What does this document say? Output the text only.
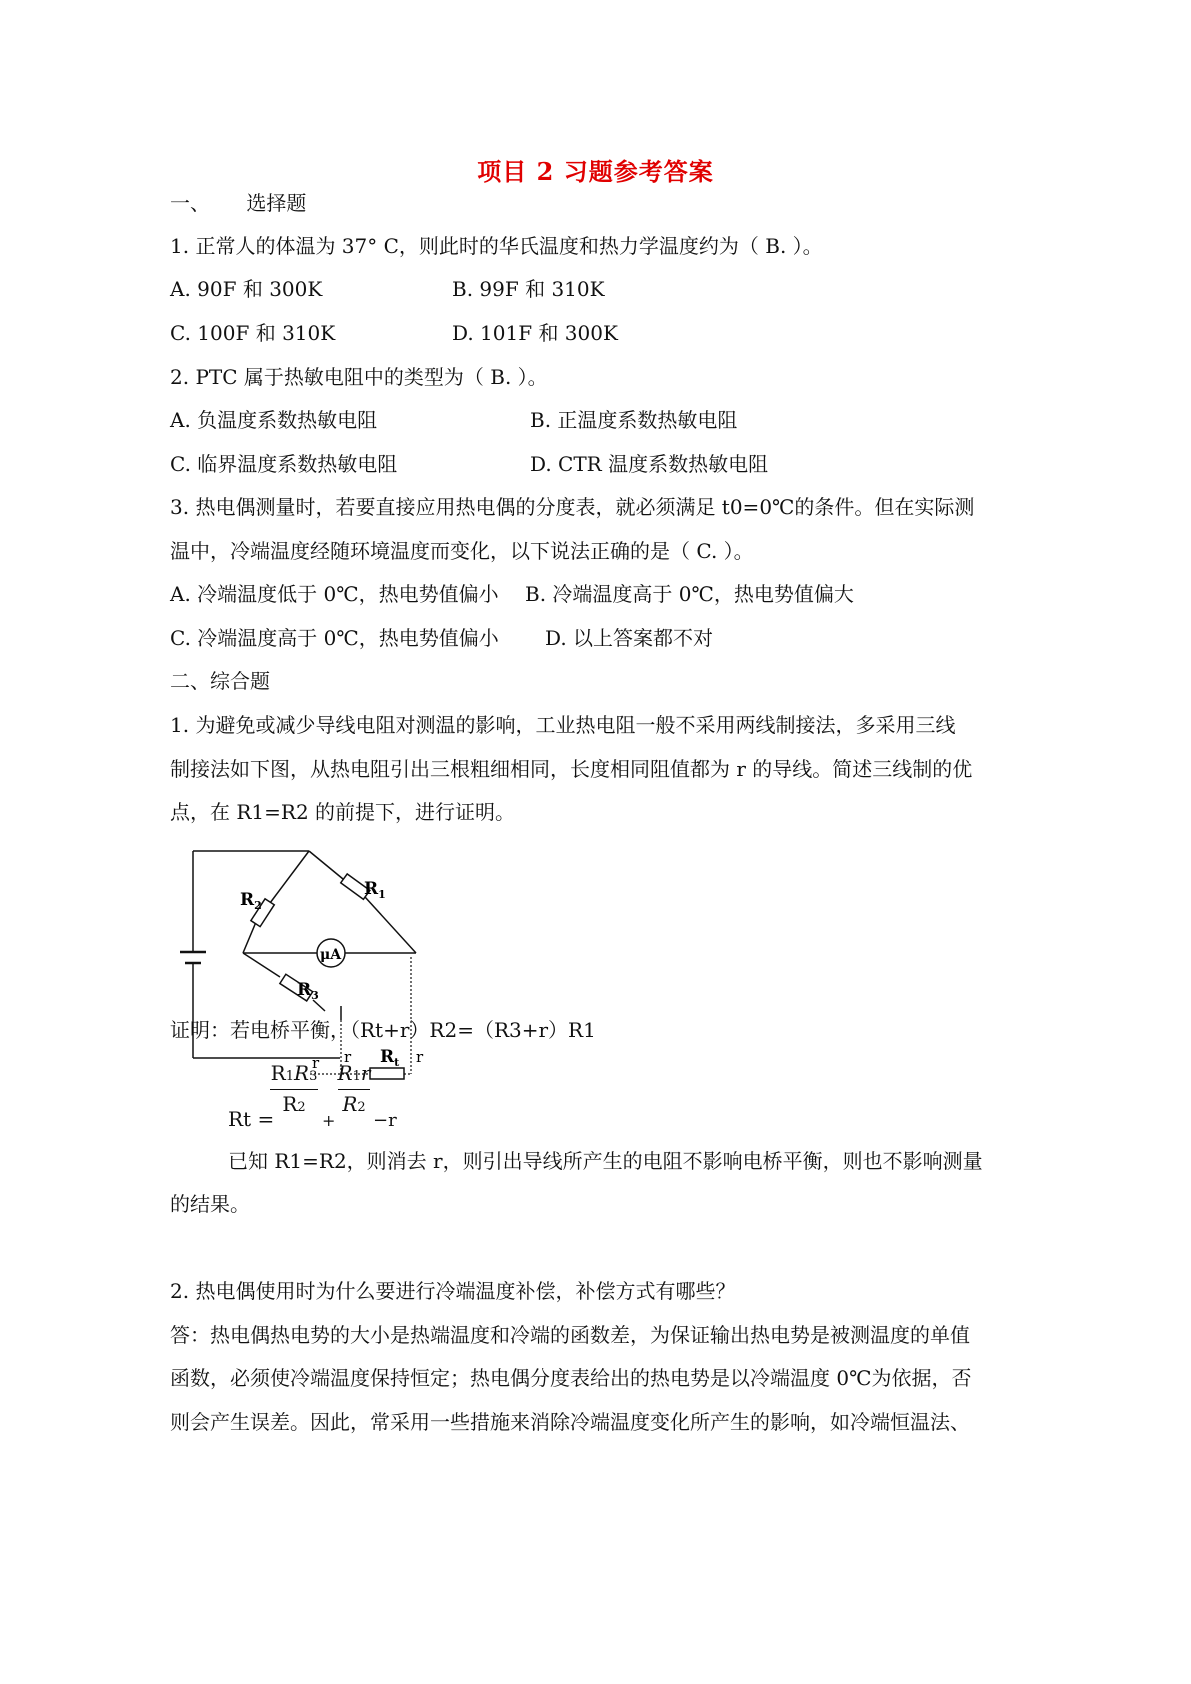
项目 2 习题参考答案
一、 选择题
1. 正常人的体温为 37° C，则此时的华氏温度和热力学温度约为（ B. ）。
A. 90F 和 300K	B. 99F 和 310K
C. 100F 和 310K	D. 101F 和 300K
2. PTC 属于热敏电阻中的类型为（ B. ）。
A. 负温度系数热敏电阻	B. 正温度系数热敏电阻
C. 临界温度系数热敏电阻	D. CTR 温度系数热敏电阻
3. 热电偶测量时，若要直接应用热电偶的分度表，就必须满足 t0=0℃的条件。但在实际测
温中，冷端温度经随环境温度而变化，以下说法正确的是（ C. ）。
A. 冷端温度低于 0℃，热电势值偏小 B. 冷端温度高于 0℃，热电势值偏大
C. 冷端温度高于 0℃，热电势值偏小 D. 以上答案都不对
二、综合题
1. 为避免或减少导线电阻对测温的影响，工业热电阻一般不采用两线制接法，多采用三线
制接法如下图，从热电阻引出三根粗细相同，长度相同阻值都为 r 的导线。简述三线制的优
点，在 R1=R2 的前提下，进行证明。
$R_2$
$R_1$
$R_3$
$R_t$
μA
r r	r
证明：若电桥平衡，（Rt+r）R2=（R3+r）R1
Rt =
R1R3
R2
+
R1r
R2
−r
已知 R1=R2，则消去 r，则引出导线所产生的电阻不影响电桥平衡，则也不影响测量
的结果。
2. 热电偶使用时为什么要进行冷端温度补偿，补偿方式有哪些？
答：热电偶热电势的大小是热端温度和冷端的函数差，为保证输出热电势是被测温度的单值
函数，必须使冷端温度保持恒定；热电偶分度表给出的热电势是以冷端温度 0℃为依据，否
则会产生误差。因此，常采用一些措施来消除冷端温度变化所产生的影响，如冷端恒温法、
